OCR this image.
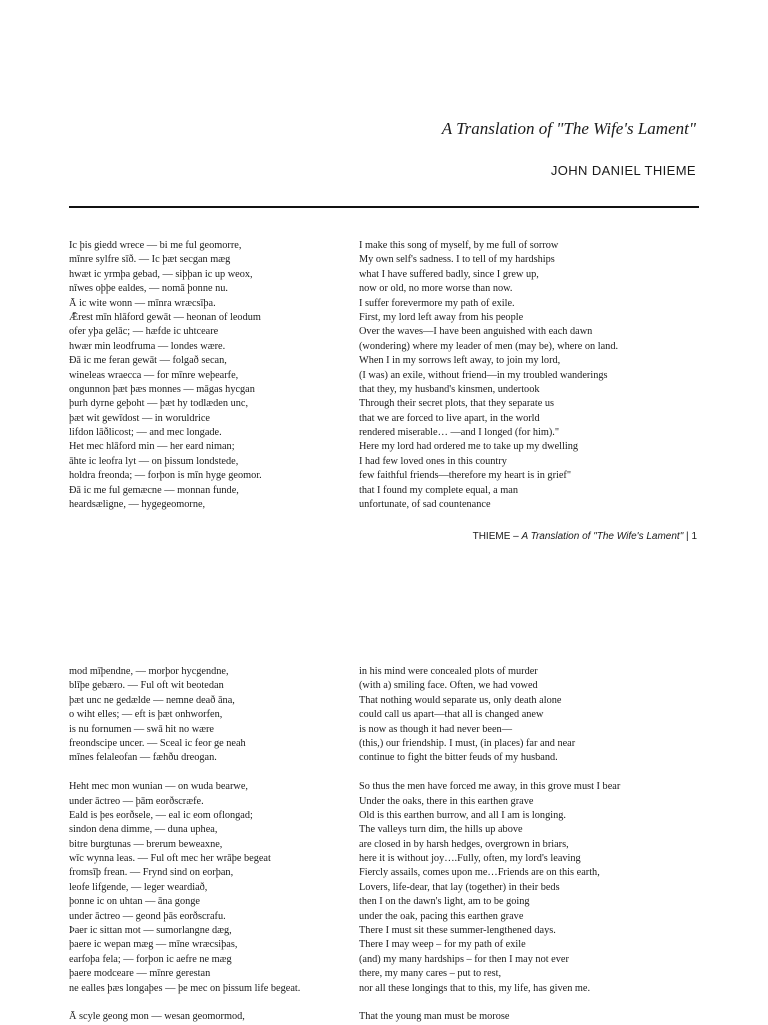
A Translation of "The Wife's Lament"
JOHN DANIEL THIEME
Ic þis giedd wrece — bi me ful geomorre,
mīnre sylfre sīð. — Ic þæt secgan mæg
hwæt ic yrmþa gebad, — siþþan ic up weox,
nīwes oþþe ealdes, — nomā þonne nu.
Ā ic wite wonn — mīnra wræcsīþa.
Ǣrest mīn hlāford gewāt — heonan of leodum
ofer yþa gelāc; — hæfde ic uhtceare
hwær min leodfruma — londes wære.
Ðā ic me feran gewāt — folgað secan,
wineleas wraecca — for mīnre weþearfe,
ongunnon þæt þæs monnes — māgas hycgan
þurh dyrne geþoht — þæt hy todlæden unc,
þæt wit gewīdost — in woruldrice
lifdon lāðlicost; — and mec longade.
Het mec hlāford min — her eard niman;
āhte ic leofra lyt — on þissum londstede,
holdra freonda; — forþon is mīn hyge geomor.
Ðā ic me ful gemæcne — monnan funde,
heardsæligne, — hygegeomorne,
I make this song of myself, by me full of sorrow
My own self's sadness. I to tell of my hardships
what I have suffered badly, since I grew up,
now or old, no more worse than now.
I suffer forevermore my path of exile.
First, my lord left away from his people
Over the waves—I have been anguished with each dawn
(wondering) where my leader of men (may be), where on land.
When I in my sorrows left away, to join my lord,
(I was) an exile, without friend—in my troubled wanderings
that they, my husband's kinsmen, undertook
Through their secret plots, that they separate us
that we are forced to live apart, in the world
rendered miserable… —and I longed (for him)."
Here my lord had ordered me to take up my dwelling
I had few loved ones in this country
few faithful friends—therefore my heart is in grief"
that I found my complete equal, a man
unfortunate, of sad countenance
THIEME – A Translation of "The Wife's Lament" | 1
mod mīþendne, — morþor hycgendne,
blīþe gebæro. — Ful oft wit beotedan
þæt unc ne gedælde — nemne deað āna,
o wiht elles; — eft is þæt onhworfen,
is nu fornumen — swā hit no wære
freondscipe uncer. — Sceal ic feor ge neah
mīnes felaleofan — fæhðu dreogan.
Heht mec mon wunian — on wuda bearwe,
under āctreo — þām eorðscræfe.
Eald is þes eorðsele, — eal ic eom oflongad;
sindon dena dimme, — duna uphea,
bitre burgtunas — brerum beweaxne,
wīc wynna leas. — Ful oft mec her wrāþe begeat
fromsīþ frean. — Frynd sind on eorþan,
leofe lifgende, — leger weardiað,
þonne ic on uhtan — āna gonge
under āctreo — geond þās eorðscrafu.
Þaer ic sittan mot — sumorlangne dæg,
þaere ic wepan mæg — mīne wræcsiþas,
earfoþa fela; — forþon ic aefre ne mæg
þaere modcearе — mīnre gerestan
ne ealles þæs longaþes — þe mec on þissum life begeat.
Ā scyle geong mon — wesan geomormod,
in his mind were concealed plots of murder
(with a) smiling face. Often, we had vowed
That nothing would separate us, only death alone
could call us apart—that all is changed anew
is now as though it had never been—
(this,) our friendship. I must, (in places) far and near
continue to fight the bitter feuds of my husband.
So thus the men have forced me away, in this grove must I bear
Under the oaks, there in this earthen grave
Old is this earthen burrow, and all I am is longing.
The valleys turn dim, the hills up above
are closed in by harsh hedges, overgrown in briars,
here it is without joy….Fully, often, my lord's leaving
Fiercly assails, comes upon me…Friends are on this earth,
Lovers, life-dear, that lay (together) in their beds
then I on the dawn's light, am to be going
under the oak, pacing this earthen grave
There I must sit these summer-lengthened days.
There I may weep – for my path of exile
(and) my many hardships – for then I may not ever
there, my many cares – put to rest,
nor all these longings that to this, my life, has given me.
That the young man must be morose
